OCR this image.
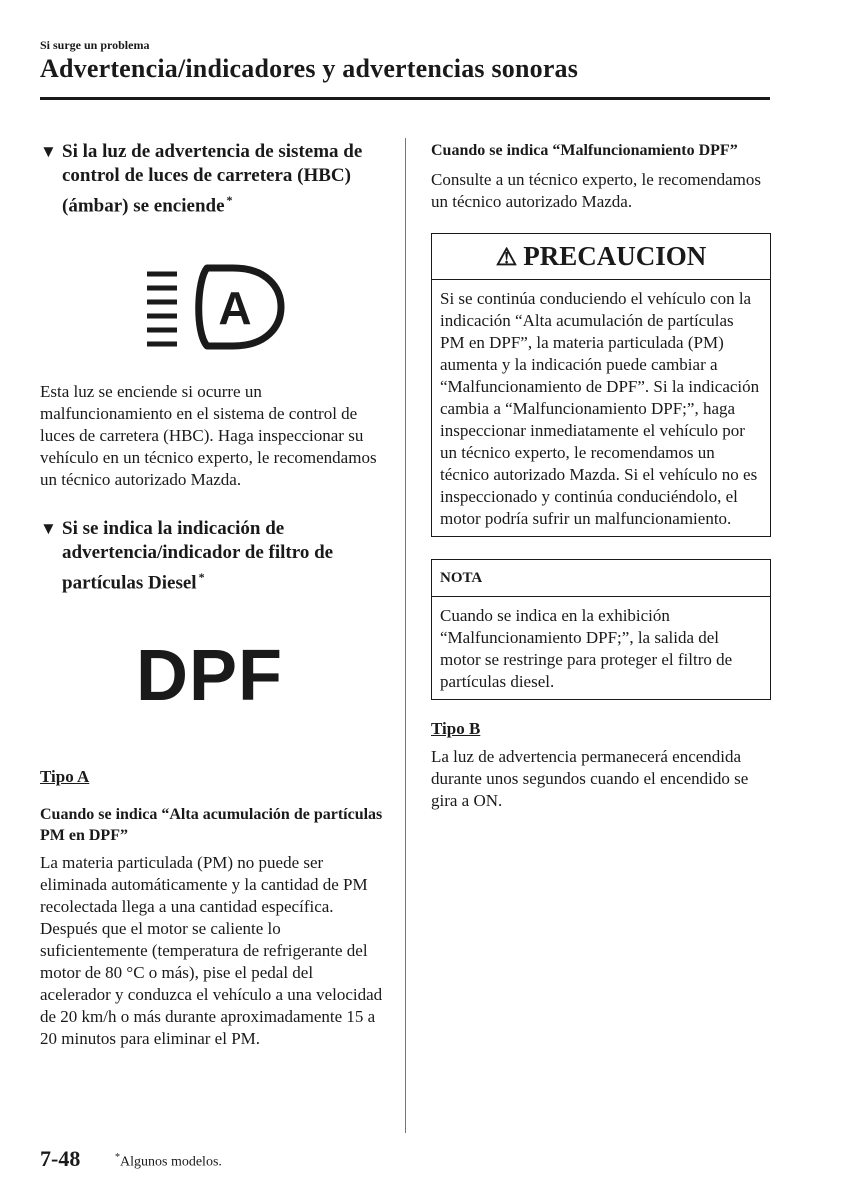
Si surge un problema
Advertencia/indicadores y advertencias sonoras
▼ Si la luz de advertencia de sistema de control de luces de carretera (HBC) (ámbar) se enciende *
A
Esta luz se enciende si ocurre un malfuncionamiento en el sistema de control de luces de carretera (HBC). Haga inspeccionar su vehículo en un técnico experto, le recomendamos un técnico autorizado Mazda.
▼ Si se indica la indicación de advertencia/indicador de filtro de partículas Diesel *
DPF
Tipo A
Cuando se indica “Alta acumulación de partículas PM en DPF”
La materia particulada (PM) no puede ser eliminada automáticamente y la cantidad de PM recolectada llega a una cantidad específica.
Después que el motor se caliente lo suficientemente (temperatura de refrigerante del motor de 80 °C o más), pise el pedal del acelerador y conduzca el vehículo a una velocidad de 20 km/h o más durante aproximadamente 15 a 20 minutos para eliminar el PM.
Cuando se indica “Malfuncionamiento DPF”
Consulte a un técnico experto, le recomendamos un técnico autorizado Mazda.
⚠ PRECAUCION
Si se continúa conduciendo el vehículo con la indicación “Alta acumulación de partículas PM en DPF”, la materia particulada (PM) aumenta y la indicación puede cambiar a “Malfuncionamiento de DPF”. Si la indicación cambia a “Malfuncionamiento DPF;”, haga inspeccionar inmediatamente el vehículo por un técnico experto, le recomendamos un técnico autorizado Mazda. Si el vehículo no es inspeccionado y continúa conduciéndolo, el motor podría sufrir un malfuncionamiento.
NOTA
Cuando se indica en la exhibición “Malfuncionamiento DPF;”, la salida del motor se restringe para proteger el filtro de partículas diesel.
Tipo B
La luz de advertencia permanecerá encendida durante unos segundos cuando el encendido se gira a ON.
7-48	*Algunos modelos.
